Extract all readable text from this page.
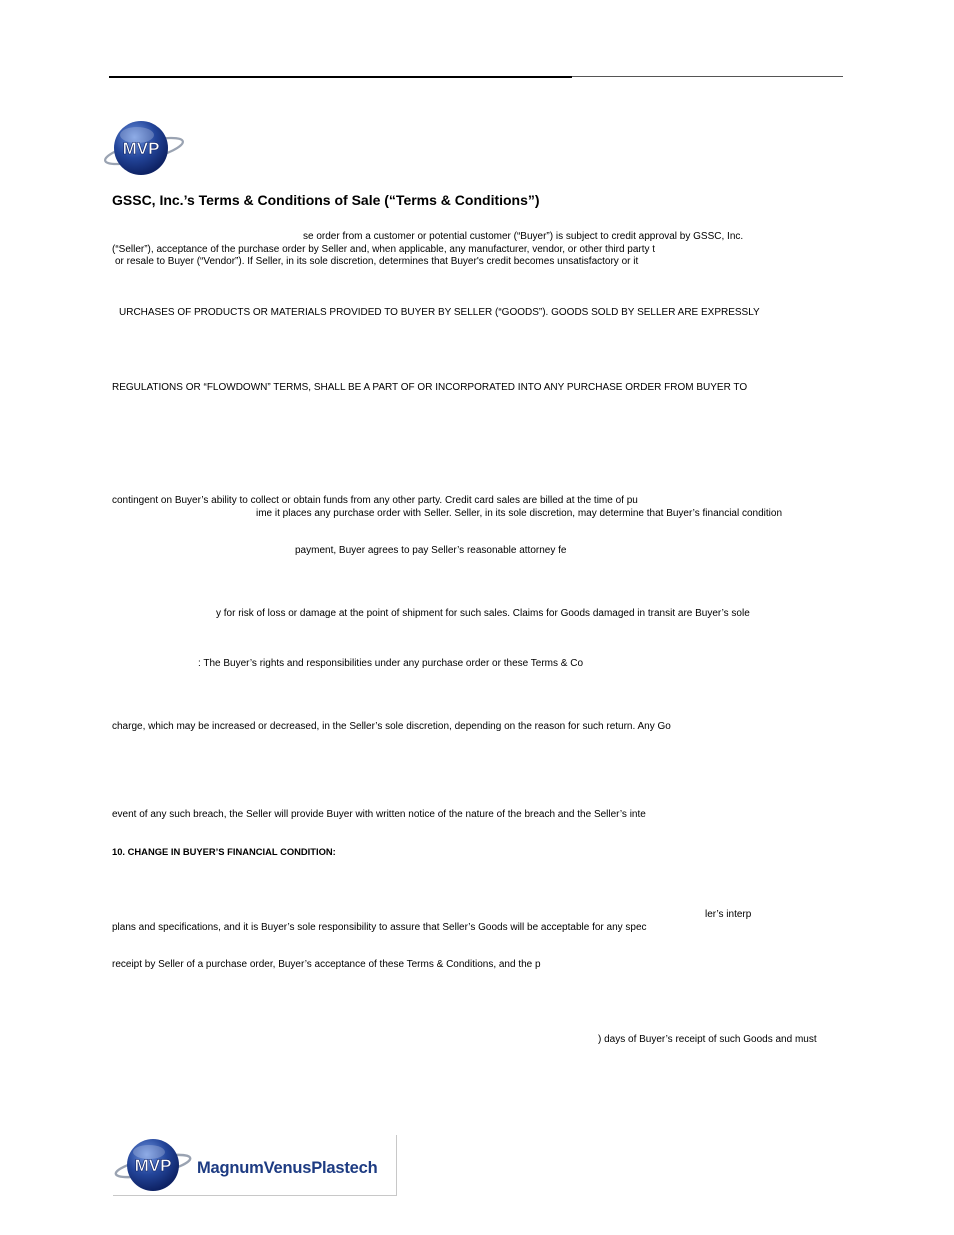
MVP
GSSC, Inc.’s Terms & Conditions of Sale (“Terms & Conditions”)
se order from a customer or potential customer (“Buyer”) is subject to credit approval by GSSC, Inc.
(“Seller”), acceptance of the purchase order by Seller and, when applicable, any manufacturer, vendor, or other third party t
or resale to Buyer (“Vendor”). If Seller, in its sole discretion, determines that Buyer's credit becomes unsatisfactory or it
URCHASES OF PRODUCTS OR MATERIALS PROVIDED TO BUYER BY SELLER (“GOODS”). GOODS SOLD BY SELLER ARE EXPRESSLY
REGULATIONS OR “FLOWDOWN” TERMS, SHALL BE A PART OF OR INCORPORATED INTO ANY PURCHASE ORDER FROM BUYER TO
contingent on Buyer’s ability to collect or obtain funds from any other party. Credit card sales are billed at the time of pu
ime it places any purchase order with Seller. Seller, in its sole discretion, may determine that Buyer’s financial condition
payment, Buyer agrees to pay Seller’s reasonable attorney fe
y for risk of loss or damage at the point of shipment for such sales. Claims for Goods damaged in transit are Buyer’s sole
: The Buyer’s rights and responsibilities under any purchase order or these Terms & Co
charge, which may be increased or decreased, in the Seller’s sole discretion, depending on the reason for such return. Any Go
event of any such breach, the Seller will provide Buyer with written notice of the nature of the breach and the Seller’s inte
10. CHANGE IN BUYER’S FINANCIAL CONDITION:
ler’s interp
plans and specifications, and it is Buyer’s sole responsibility to assure that Seller’s Goods will be acceptable for any spec
receipt by Seller of a purchase order, Buyer’s acceptance of these Terms & Conditions, and the p
) days of Buyer’s receipt of such Goods and must
MVP MagnumVenusPlastech
